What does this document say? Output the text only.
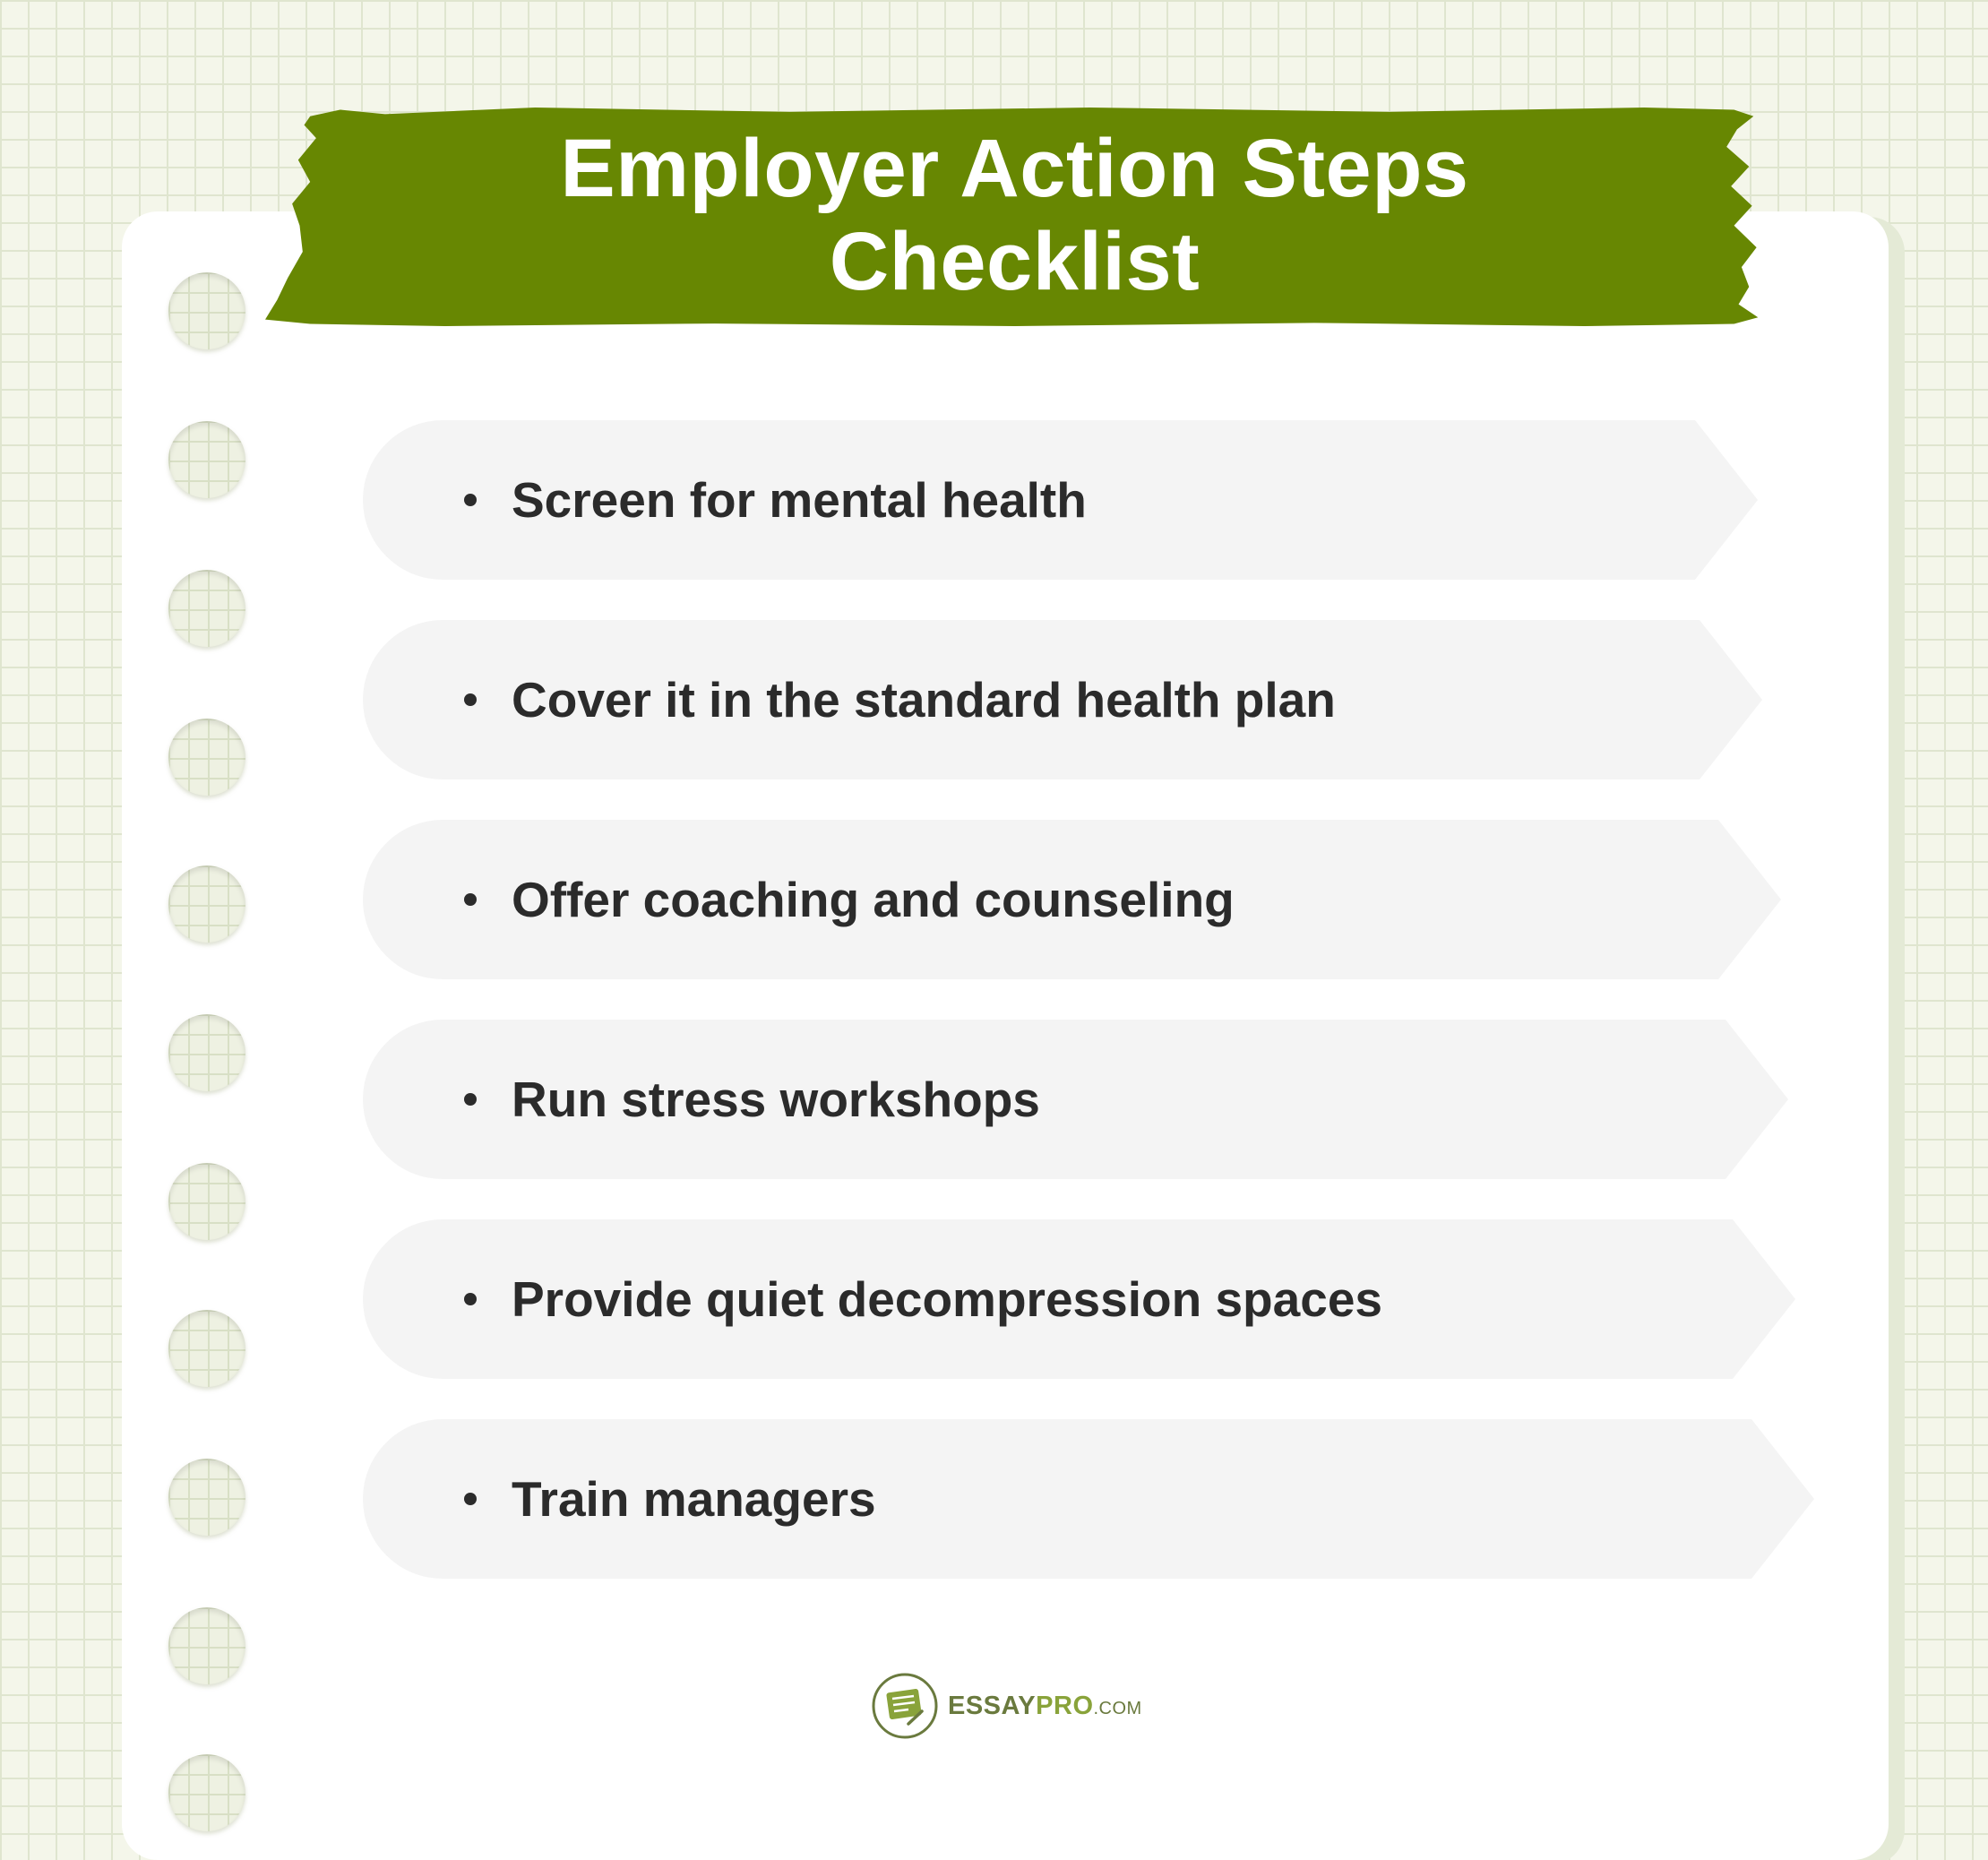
Employer Action Steps
Checklist
Screen for mental health
Cover it in the standard health plan
Offer coaching and counseling
Run stress workshops
Provide quiet decompression spaces
Train managers
ESSAYPRO.COM
